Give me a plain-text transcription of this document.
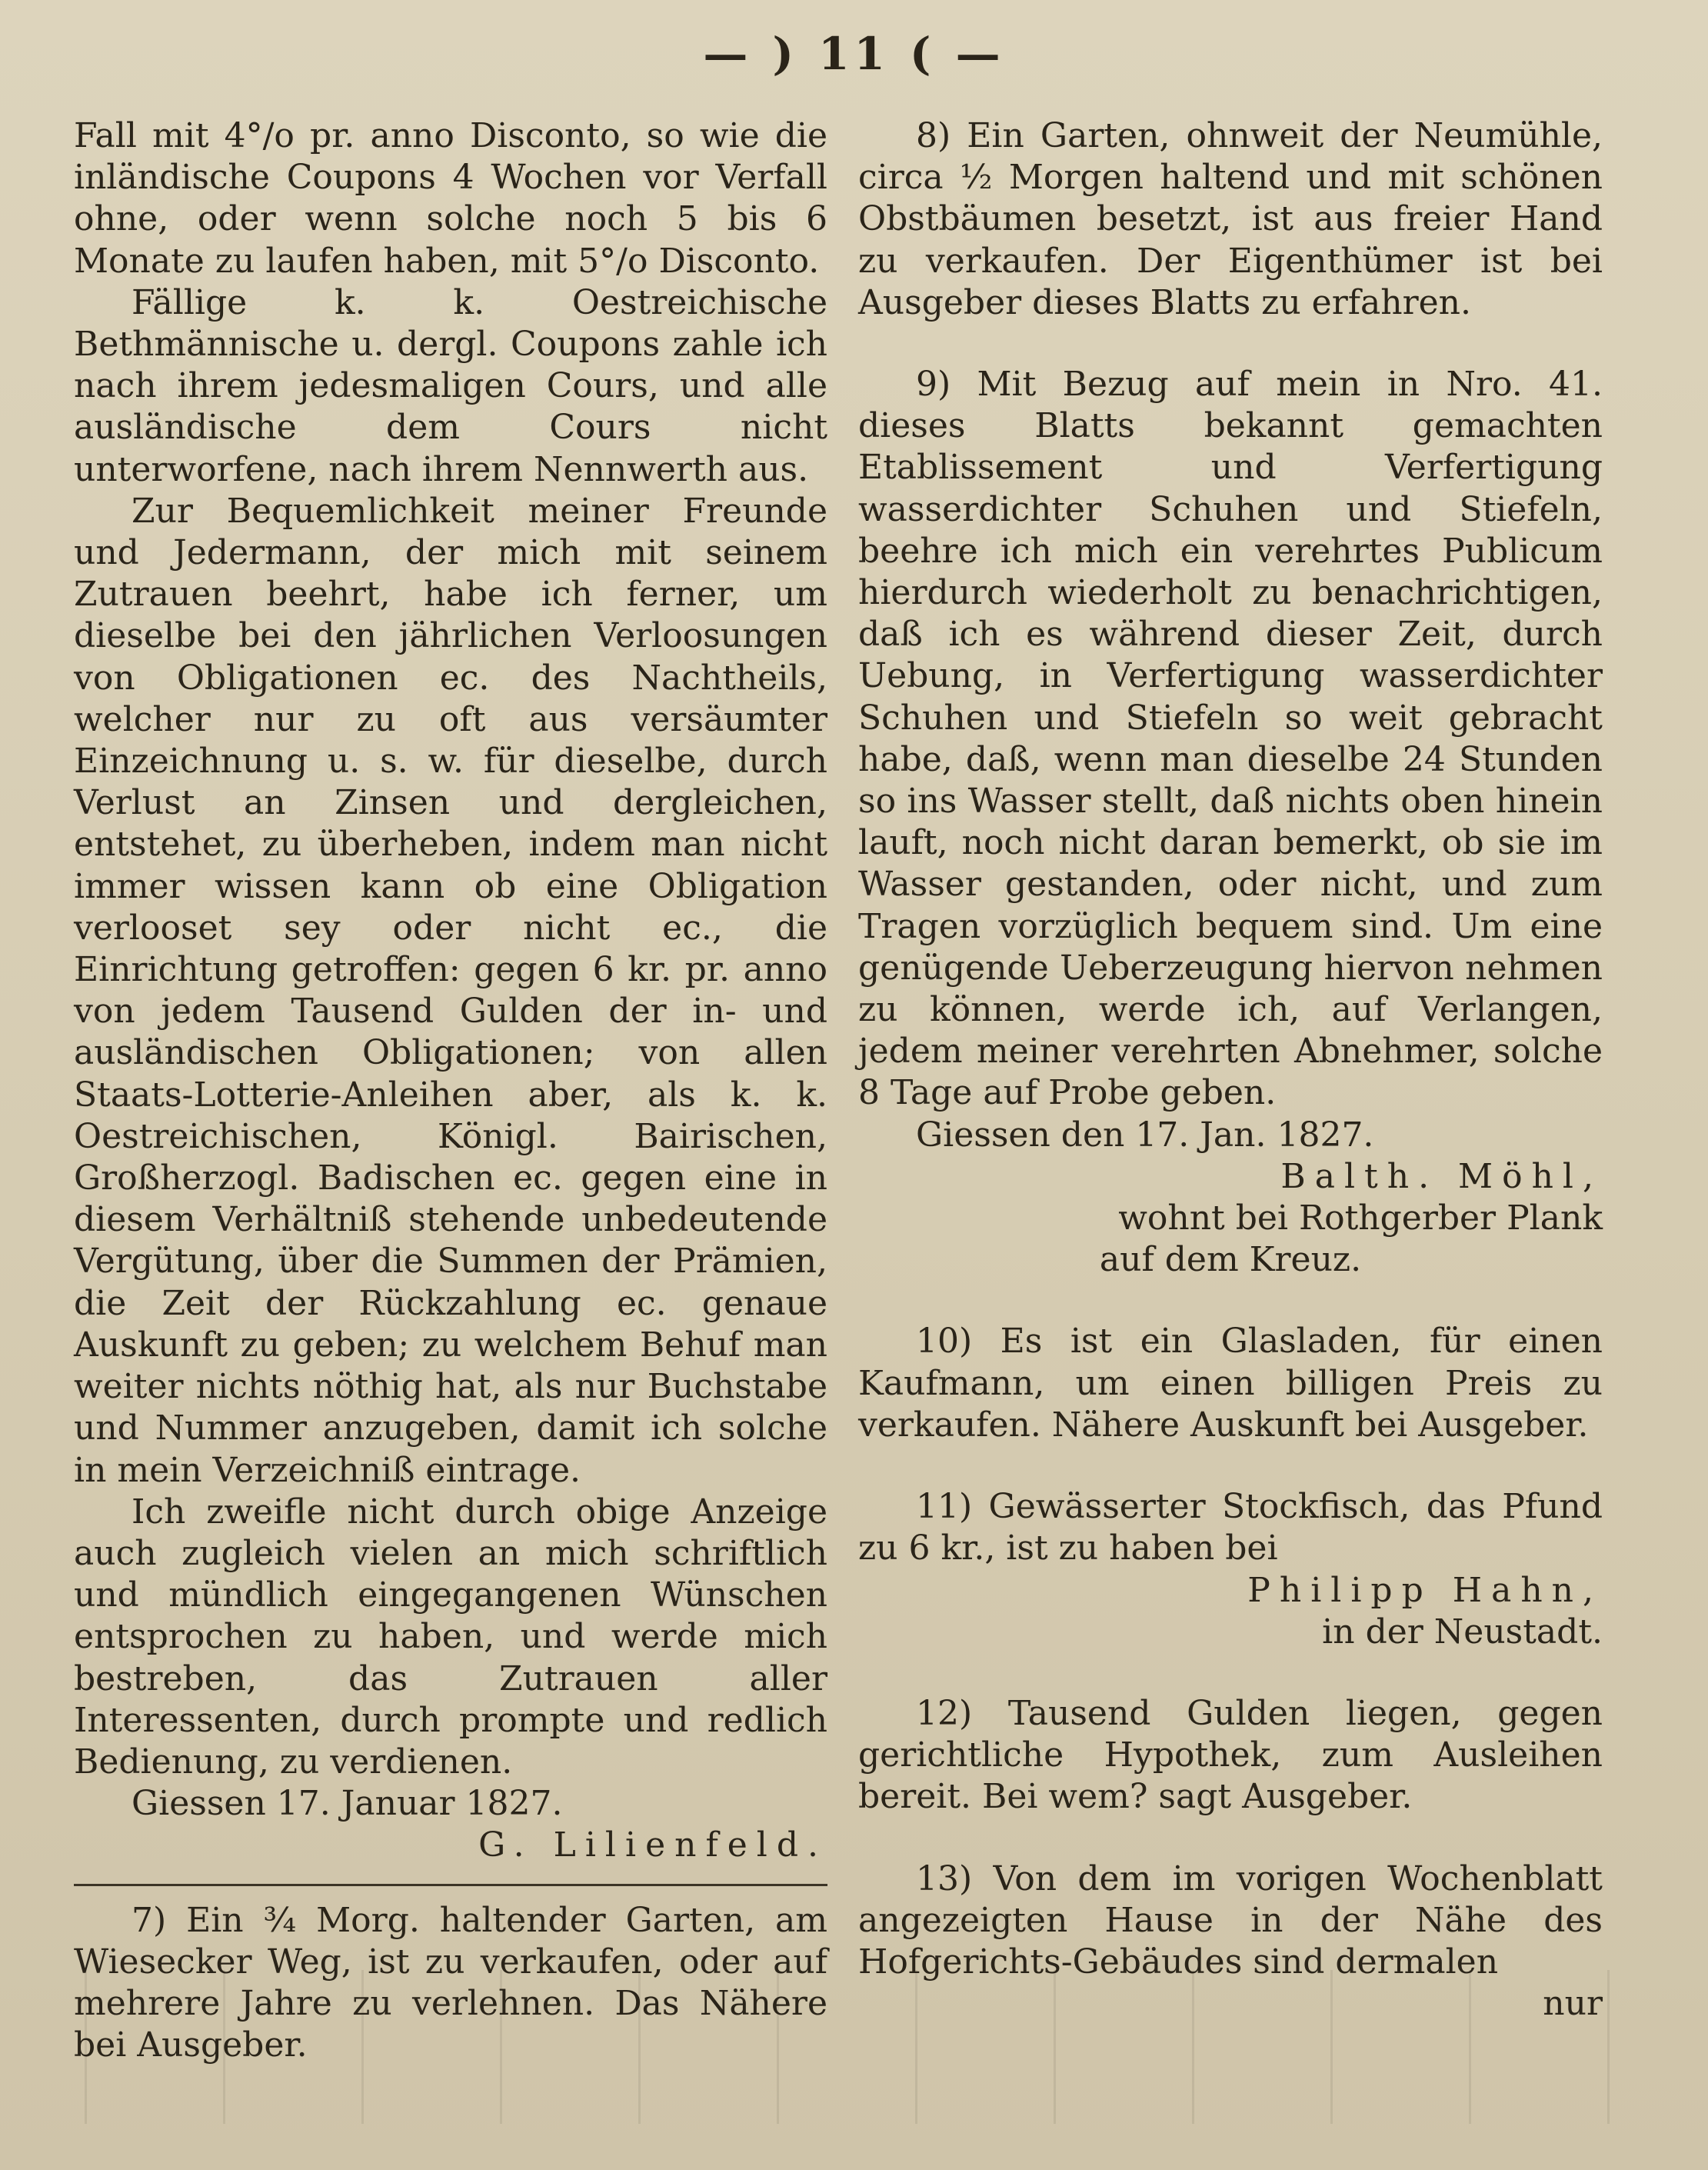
— ) 11 ( —

Fall mit 4°/o pr. anno Disconto, so wie die inländische Coupons 4 Wochen vor Verfall ohne, oder wenn solche noch 5 bis 6 Monate zu laufen haben, mit 5°/o Disconto.

Fällige k. k. Oestreichische Bethmännische u. dergl. Coupons zahle ich nach ihrem jedesmaligen Cours, und alle ausländische dem Cours nicht unterworfene, nach ihrem Nennwerth aus.

Zur Bequemlichkeit meiner Freunde und Jedermann, der mich mit seinem Zutrauen beehrt, habe ich ferner, um dieselbe bei den jährlichen Verloosungen von Obligationen ec. des Nachtheils, welcher nur zu oft aus versäumter Einzeichnung u. s. w. für dieselbe, durch Verlust an Zinsen und dergleichen, entstehet, zu überheben, indem man nicht immer wissen kann ob eine Obligation verlooset sey oder nicht ec., die Einrichtung getroffen: gegen 6 kr. pr. anno von jedem Tausend Gulden der in- und ausländischen Obligationen; von allen Staats-Lotterie-Anleihen aber, als k. k. Oestreichischen, Königl. Bairischen, Großherzogl. Badischen ec. gegen eine in diesem Verhältniß stehende unbedeutende Vergütung, über die Summen der Prämien, die Zeit der Rückzahlung ec. genaue Auskunft zu geben; zu welchem Behuf man weiter nichts nöthig hat, als nur Buchstabe und Nummer anzugeben, damit ich solche in mein Verzeichniß eintrage.

Ich zweifle nicht durch obige Anzeige auch zugleich vielen an mich schriftlich und mündlich eingegangenen Wünschen entsprochen zu haben, und werde mich bestreben, das Zutrauen aller Interessenten, durch prompte und redlich Bedienung, zu verdienen.

Giessen 17. Januar 1827.

G. Lilienfeld.

7) Ein ¾ Morg. haltender Garten, am Wiesecker Weg, ist zu verkaufen, oder auf mehrere Jahre zu verlehnen. Das Nähere bei Ausgeber.

8) Ein Garten, ohnweit der Neumühle, circa ½ Morgen haltend und mit schönen Obstbäumen besetzt, ist aus freier Hand zu verkaufen. Der Eigenthümer ist bei Ausgeber dieses Blatts zu erfahren.

9) Mit Bezug auf mein in Nro. 41. dieses Blatts bekannt gemachten Etablissement und Verfertigung wasserdichter Schuhen und Stiefeln, beehre ich mich ein verehrtes Publicum hierdurch wiederholt zu benachrichtigen, daß ich es während dieser Zeit, durch Uebung, in Verfertigung wasserdichter Schuhen und Stiefeln so weit gebracht habe, daß, wenn man dieselbe 24 Stunden so ins Wasser stellt, daß nichts oben hinein lauft, noch nicht daran bemerkt, ob sie im Wasser gestanden, oder nicht, und zum Tragen vorzüglich bequem sind. Um eine genügende Ueberzeugung hiervon nehmen zu können, werde ich, auf Verlangen, jedem meiner verehrten Abnehmer, solche 8 Tage auf Probe geben.

Giessen den 17. Jan. 1827.

Balth. Möhl,

wohnt bei Rothgerber Plank

auf dem Kreuz.

10) Es ist ein Glasladen, für einen Kaufmann, um einen billigen Preis zu verkaufen. Nähere Auskunft bei Ausgeber.

11) Gewässerter Stockfisch, das Pfund zu 6 kr., ist zu haben bei

Philipp Hahn,

in der Neustadt.

12) Tausend Gulden liegen, gegen gerichtliche Hypothek, zum Ausleihen bereit. Bei wem? sagt Ausgeber.

13) Von dem im vorigen Wochenblatt angezeigten Hause in der Nähe des Hofgerichts-Gebäudes sind dermalen

nur
